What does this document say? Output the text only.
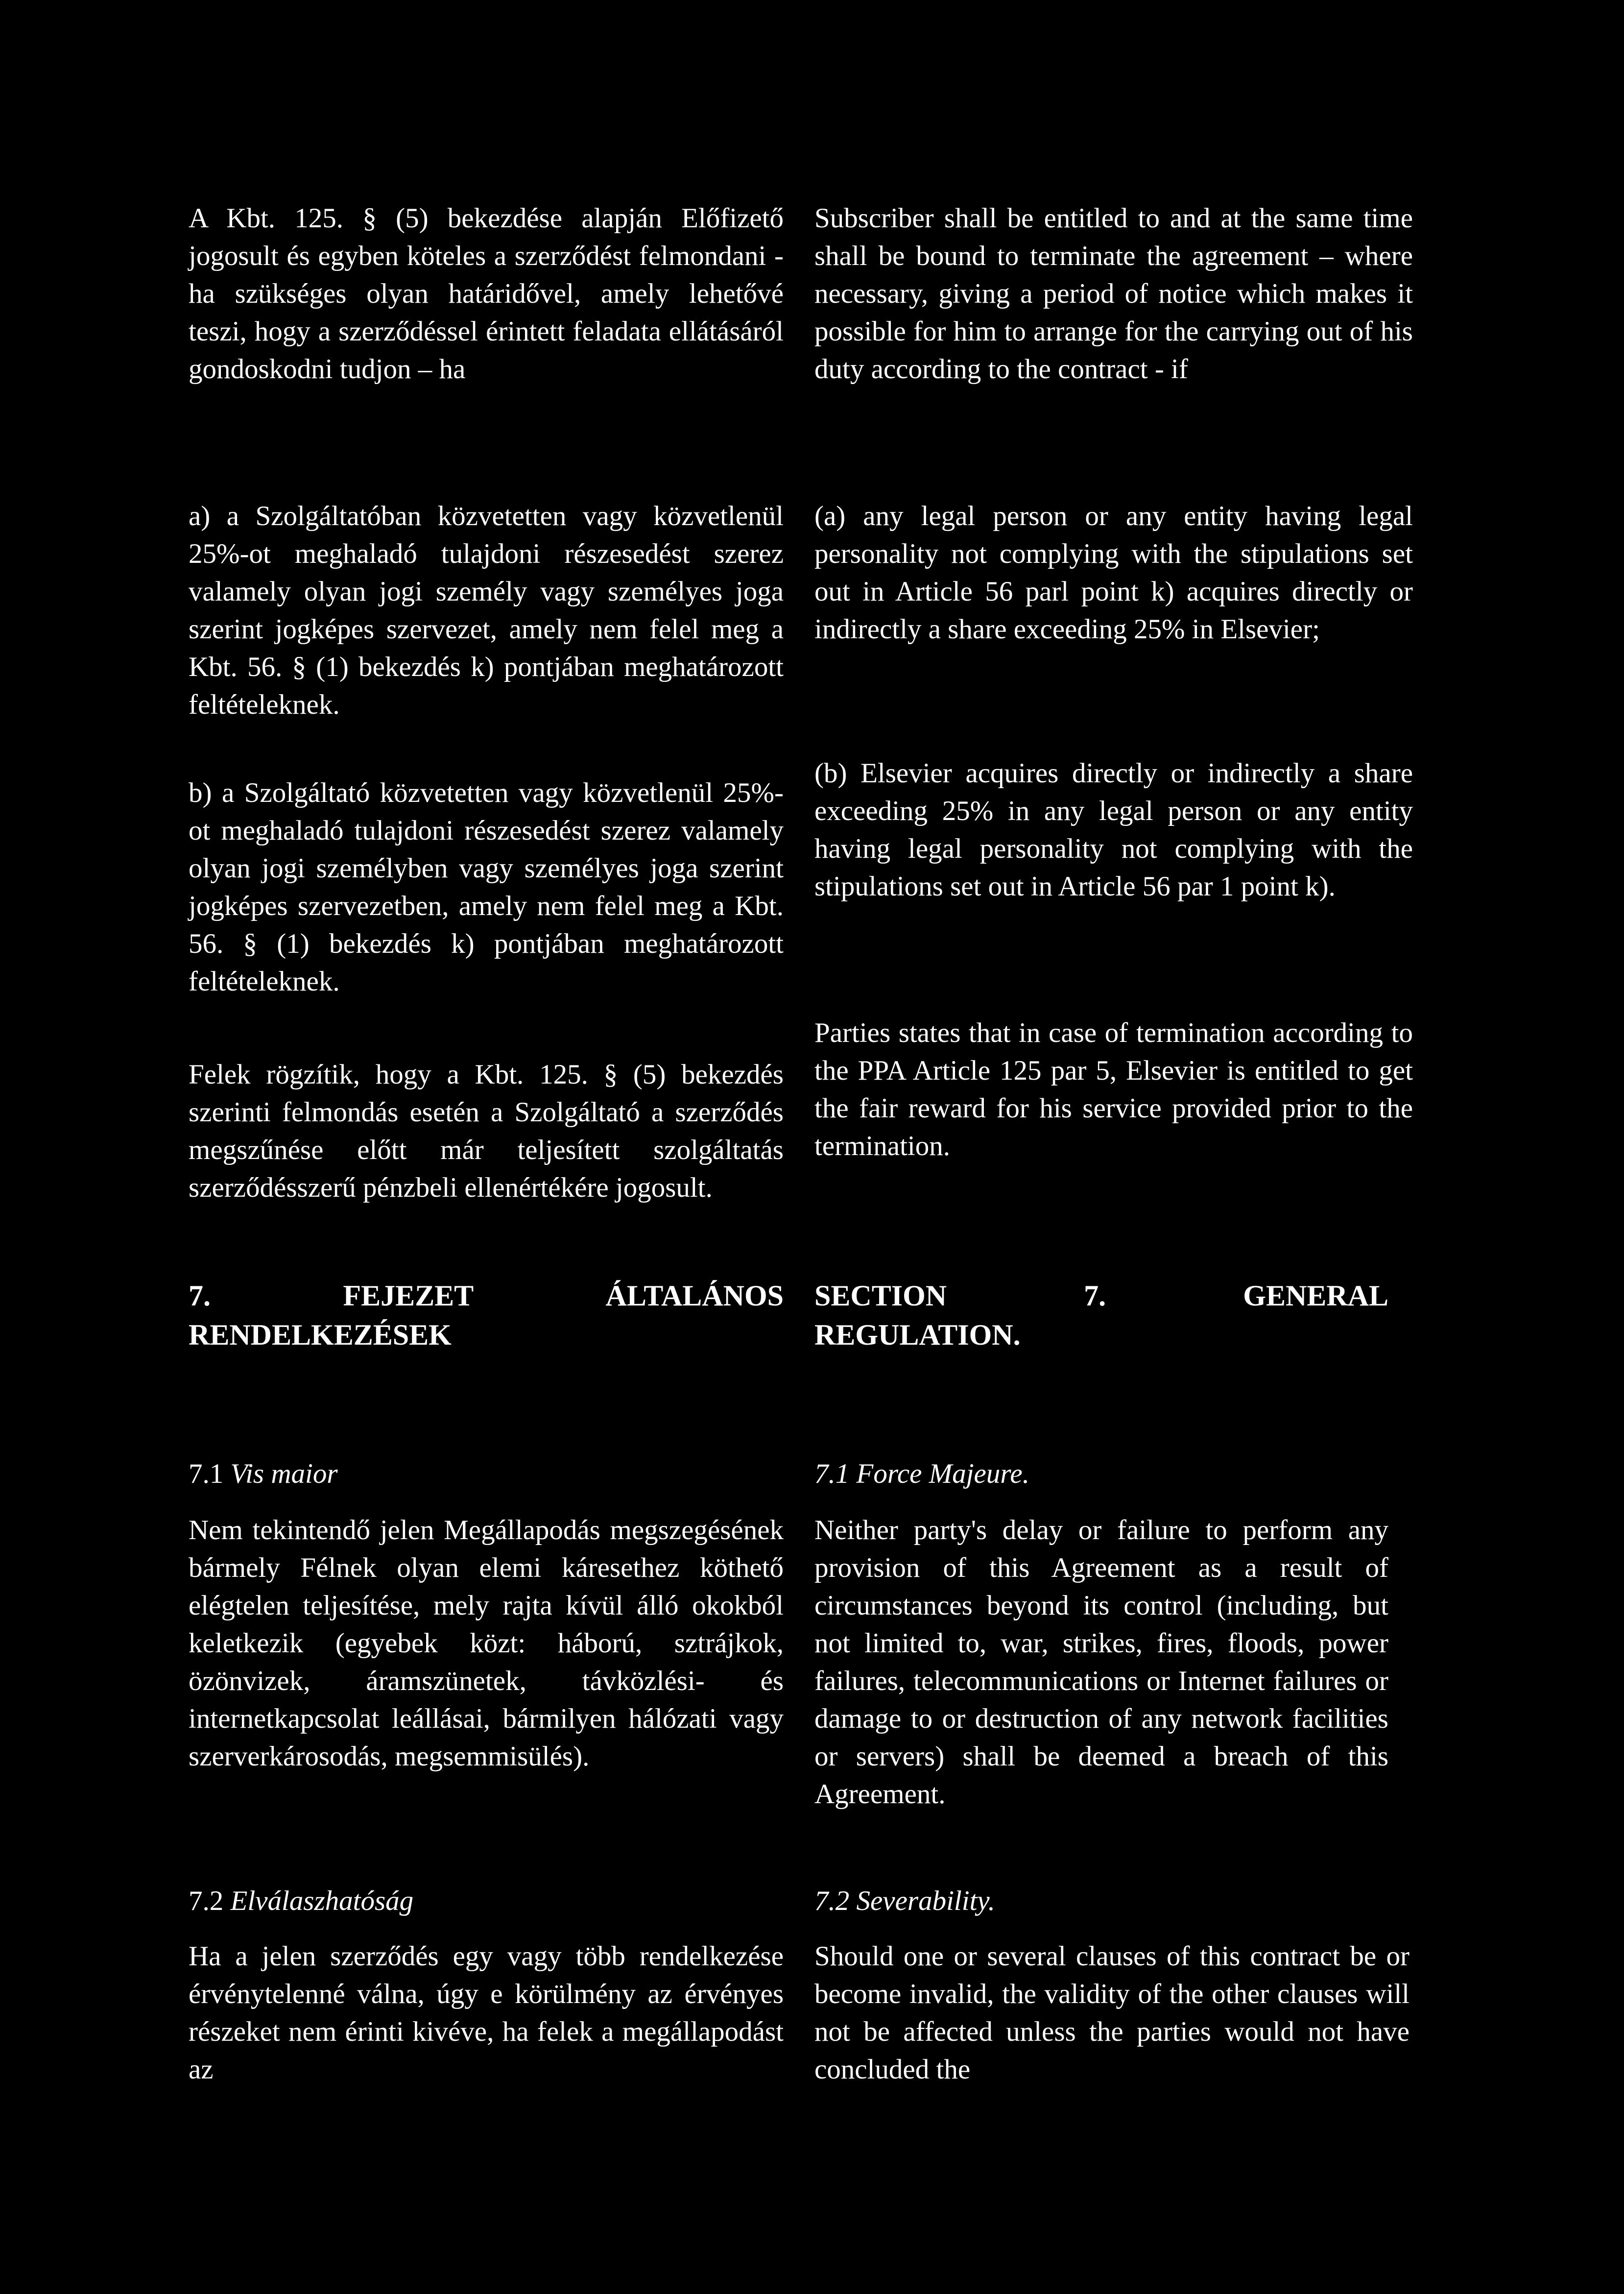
A Kbt. 125. § (5) bekezdése alapján Előfizető jogosult és egyben köteles a szerződést felmondani - ha szükséges olyan határidővel, amely lehetővé teszi, hogy a szerződéssel érintett feladata ellátásáról gondoskodni tudjon – ha

Subscriber shall be entitled to and at the same time shall be bound to terminate the agreement – where necessary, giving a period of notice which makes it possible for him to arrange for the carrying out of his duty according to the contract - if

a) a Szolgáltatóban közvetetten vagy közvetlenül 25%-ot meghaladó tulajdoni részesedést szerez valamely olyan jogi személy vagy személyes joga szerint jogképes szervezet, amely nem felel meg a Kbt. 56. § (1) bekezdés k) pontjában meghatározott feltételeknek.

(a) any legal person or any entity having legal personality not complying with the stipulations set out in Article 56 parl point k) acquires directly or indirectly a share exceeding 25% in Elsevier;

b) a Szolgáltató közvetetten vagy közvetlenül 25%-ot meghaladó tulajdoni részesedést szerez valamely olyan jogi személyben vagy személyes joga szerint jogképes szervezetben, amely nem felel meg a Kbt. 56. § (1) bekezdés k) pontjában meghatározott feltételeknek.

(b) Elsevier acquires directly or indirectly a share exceeding 25% in any legal person or any entity having legal personality not complying with the stipulations set out in Article 56 par 1 point k).

Felek rögzítik, hogy a Kbt. 125. § (5) bekezdés szerinti felmondás esetén a Szolgáltató a szerződés megszűnése előtt már teljesített szolgáltatás szerződésszerű pénzbeli ellenértékére jogosult.

Parties states that in case of termination according to the PPA Article 125 par 5, Elsevier is entitled to get the fair reward for his service provided prior to the termination.

7. FEJEZET ÁLTALÁNOS
RENDELKEZÉSEK
SECTION 7. GENERAL
REGULATION.

7.1 Vis maior	7.1 Force Majeure.

Nem tekintendő jelen Megállapodás megszegésének bármely Félnek olyan elemi káresethez köthető elégtelen teljesítése, mely rajta kívül álló okokból keletkezik (egyebek közt: háború, sztrájkok, özönvizek, áramszünetek, távközlési- és internetkapcsolat leállásai, bármilyen hálózati vagy szerverkárosodás, megsemmisülés).

Neither party's delay or failure to perform any provision of this Agreement as a result of circumstances beyond its control (including, but not limited to, war, strikes, fires, floods, power failures, telecommunications or Internet failures or damage to or destruction of any network facilities or servers) shall be deemed a breach of this Agreement.

7.2 Elválaszhatóság	7.2 Severability.

Ha a jelen szerződés egy vagy több rendelkezése érvénytelenné válna, úgy e körülmény az érvényes részeket nem érinti kivéve, ha felek a megállapodást az

Should one or several clauses of this contract be or become invalid, the validity of the other clauses will not be affected unless the parties would not have concluded the
